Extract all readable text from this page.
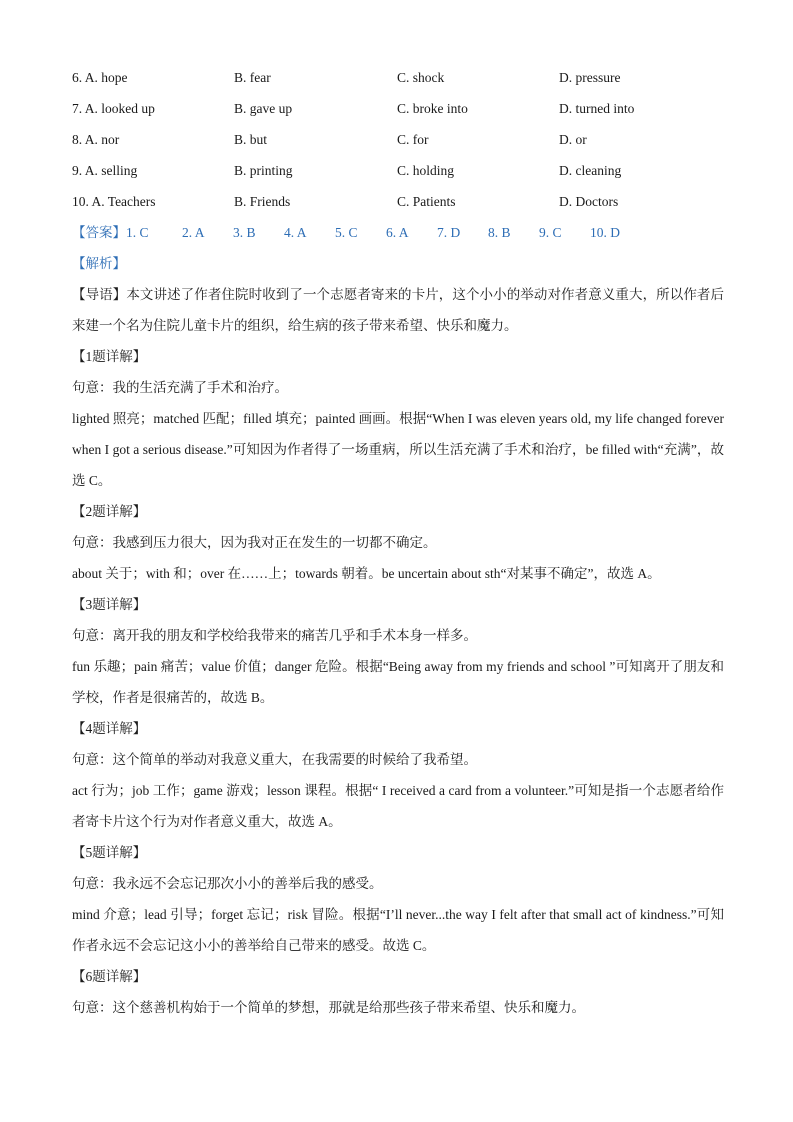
6. A. hope	B. fear	C. shock	D. pressure
7. A. looked up	B. gave up	C. broke into	D. turned into
8. A. nor	B. but	C. for	D. or
9. A. selling	B. printing	C. holding	D. cleaning
10. A. Teachers	B. Friends	C. Patients	D. Doctors
【答案】1. C 2. A 3. B 4. A 5. C 6. A 7. D 8. B 9. C 10. D
【解析】
【导语】本文讲述了作者住院时收到了一个志愿者寄来的卡片，这个小小的举动对作者意义重大，所以作者后来建一个名为住院儿童卡片的组织，给生病的孩子带来希望、快乐和魔力。
【1题详解】
句意：我的生活充满了手术和治疗。
lighted 照亮；matched 匹配；filled 填充；painted 画画。根据“When I was eleven years old, my life changed forever when I got a serious disease.”可知因为作者得了一场重病，所以生活充满了手术和治疗，be filled with“充满”，故选 C。
【2题详解】
句意：我感到压力很大，因为我对正在发生的一切都不确定。
about 关于；with 和；over 在……上；towards 朝着。be uncertain about sth“对某事不确定”，故选 A。
【3题详解】
句意：离开我的朋友和学校给我带来的痛苦几乎和手术本身一样多。
fun 乐趣；pain 痛苦；value 价值；danger 危险。根据“Being away from my friends and school ”可知离开了朋友和学校，作者是很痛苦的，故选 B。
【4题详解】
句意：这个简单的举动对我意义重大，在我需要的时候给了我希望。
act 行为；job 工作；game 游戏；lesson 课程。根据“ I received a card from a volunteer.”可知是指一个志愿者给作者寄卡片这个行为对作者意义重大，故选 A。
【5题详解】
句意：我永远不会忘记那次小小的善举后我的感受。
mind 介意；lead 引导；forget 忘记；risk 冒险。根据“I’ll never...the way I felt after that small act of kindness.”可知作者永远不会忘记这小小的善举给自己带来的感受。故选 C。
【6题详解】
句意：这个慈善机构始于一个简单的梦想，那就是给那些孩子带来希望、快乐和魔力。
